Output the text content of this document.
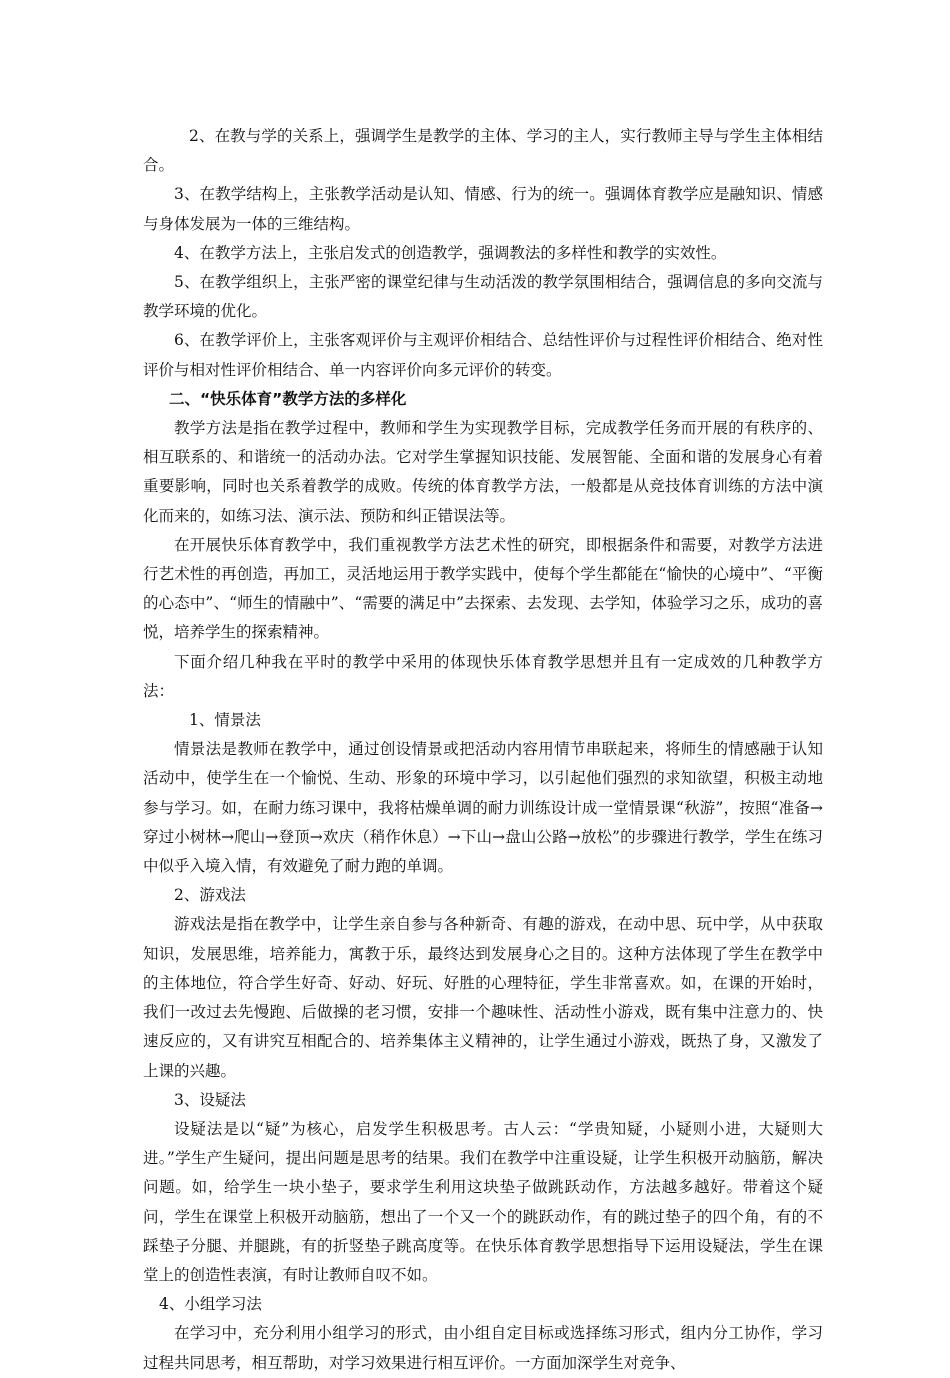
2、在教与学的关系上，强调学生是教学的主体、学习的主人，实行教师主导与学生主体相结合。

3、在教学结构上，主张教学活动是认知、情感、行为的统一。强调体育教学应是融知识、情感与身体发展为一体的三维结构。

4、在教学方法上，主张启发式的创造教学，强调教法的多样性和教学的实效性。

5、在教学组织上，主张严密的课堂纪律与生动活泼的教学氛围相结合，强调信息的多向交流与教学环境的优化。

6、在教学评价上，主张客观评价与主观评价相结合、总结性评价与过程性评价相结合、绝对性评价与相对性评价相结合、单一内容评价向多元评价的转变。

二、“快乐体育”教学方法的多样化

教学方法是指在教学过程中，教师和学生为实现教学目标，完成教学任务而开展的有秩序的、相互联系的、和谐统一的活动办法。它对学生掌握知识技能、发展智能、全面和谐的发展身心有着重要影响，同时也关系着教学的成败。传统的体育教学方法，一般都是从竞技体育训练的方法中演化而来的，如练习法、演示法、预防和纠正错误法等。

在开展快乐体育教学中，我们重视教学方法艺术性的研究，即根据条件和需要，对教学方法进行艺术性的再创造，再加工，灵活地运用于教学实践中，使每个学生都能在“愉快的心境中”、“平衡的心态中”、“师生的情融中”、“需要的满足中”去探索、去发现、去学知，体验学习之乐，成功的喜悦，培养学生的探索精神。

下面介绍几种我在平时的教学中采用的体现快乐体育教学思想并且有一定成效的几种教学方法：

1、情景法

情景法是教师在教学中，通过创设情景或把活动内容用情节串联起来，将师生的情感融于认知活动中，使学生在一个愉悦、生动、形象的环境中学习，以引起他们强烈的求知欲望，积极主动地参与学习。如，在耐力练习课中，我将枯燥单调的耐力训练设计成一堂情景课“秋游”，按照“准备→穿过小树林→爬山→登顶→欢庆（稍作休息）→下山→盘山公路→放松”的步骤进行教学，学生在练习中似乎入境入情，有效避免了耐力跑的单调。

2、游戏法

游戏法是指在教学中，让学生亲自参与各种新奇、有趣的游戏，在动中思、玩中学，从中获取知识，发展思维，培养能力，寓教于乐，最终达到发展身心之目的。这种方法体现了学生在教学中的主体地位，符合学生好奇、好动、好玩、好胜的心理特征，学生非常喜欢。如，在课的开始时，我们一改过去先慢跑、后做操的老习惯，安排一个趣味性、活动性小游戏，既有集中注意力的、快速反应的，又有讲究互相配合的、培养集体主义精神的，让学生通过小游戏，既热了身，又激发了上课的兴趣。

3、设疑法

设疑法是以“疑”为核心，启发学生积极思考。古人云：“学贵知疑，小疑则小进，大疑则大进。”学生产生疑问，提出问题是思考的结果。我们在教学中注重设疑，让学生积极开动脑筋，解决问题。如，给学生一块小垫子，要求学生利用这块垫子做跳跃动作，方法越多越好。带着这个疑问，学生在课堂上积极开动脑筋，想出了一个又一个的跳跃动作，有的跳过垫子的四个角，有的不踩垫子分腿、并腿跳，有的折竖垫子跳高度等。在快乐体育教学思想指导下运用设疑法，学生在课堂上的创造性表演，有时让教师自叹不如。

4、小组学习法

在学习中，充分利用小组学习的形式，由小组自定目标或选择练习形式，组内分工协作，学习过程共同思考，相互帮助，对学习效果进行相互评价。一方面加深学生对竞争、
